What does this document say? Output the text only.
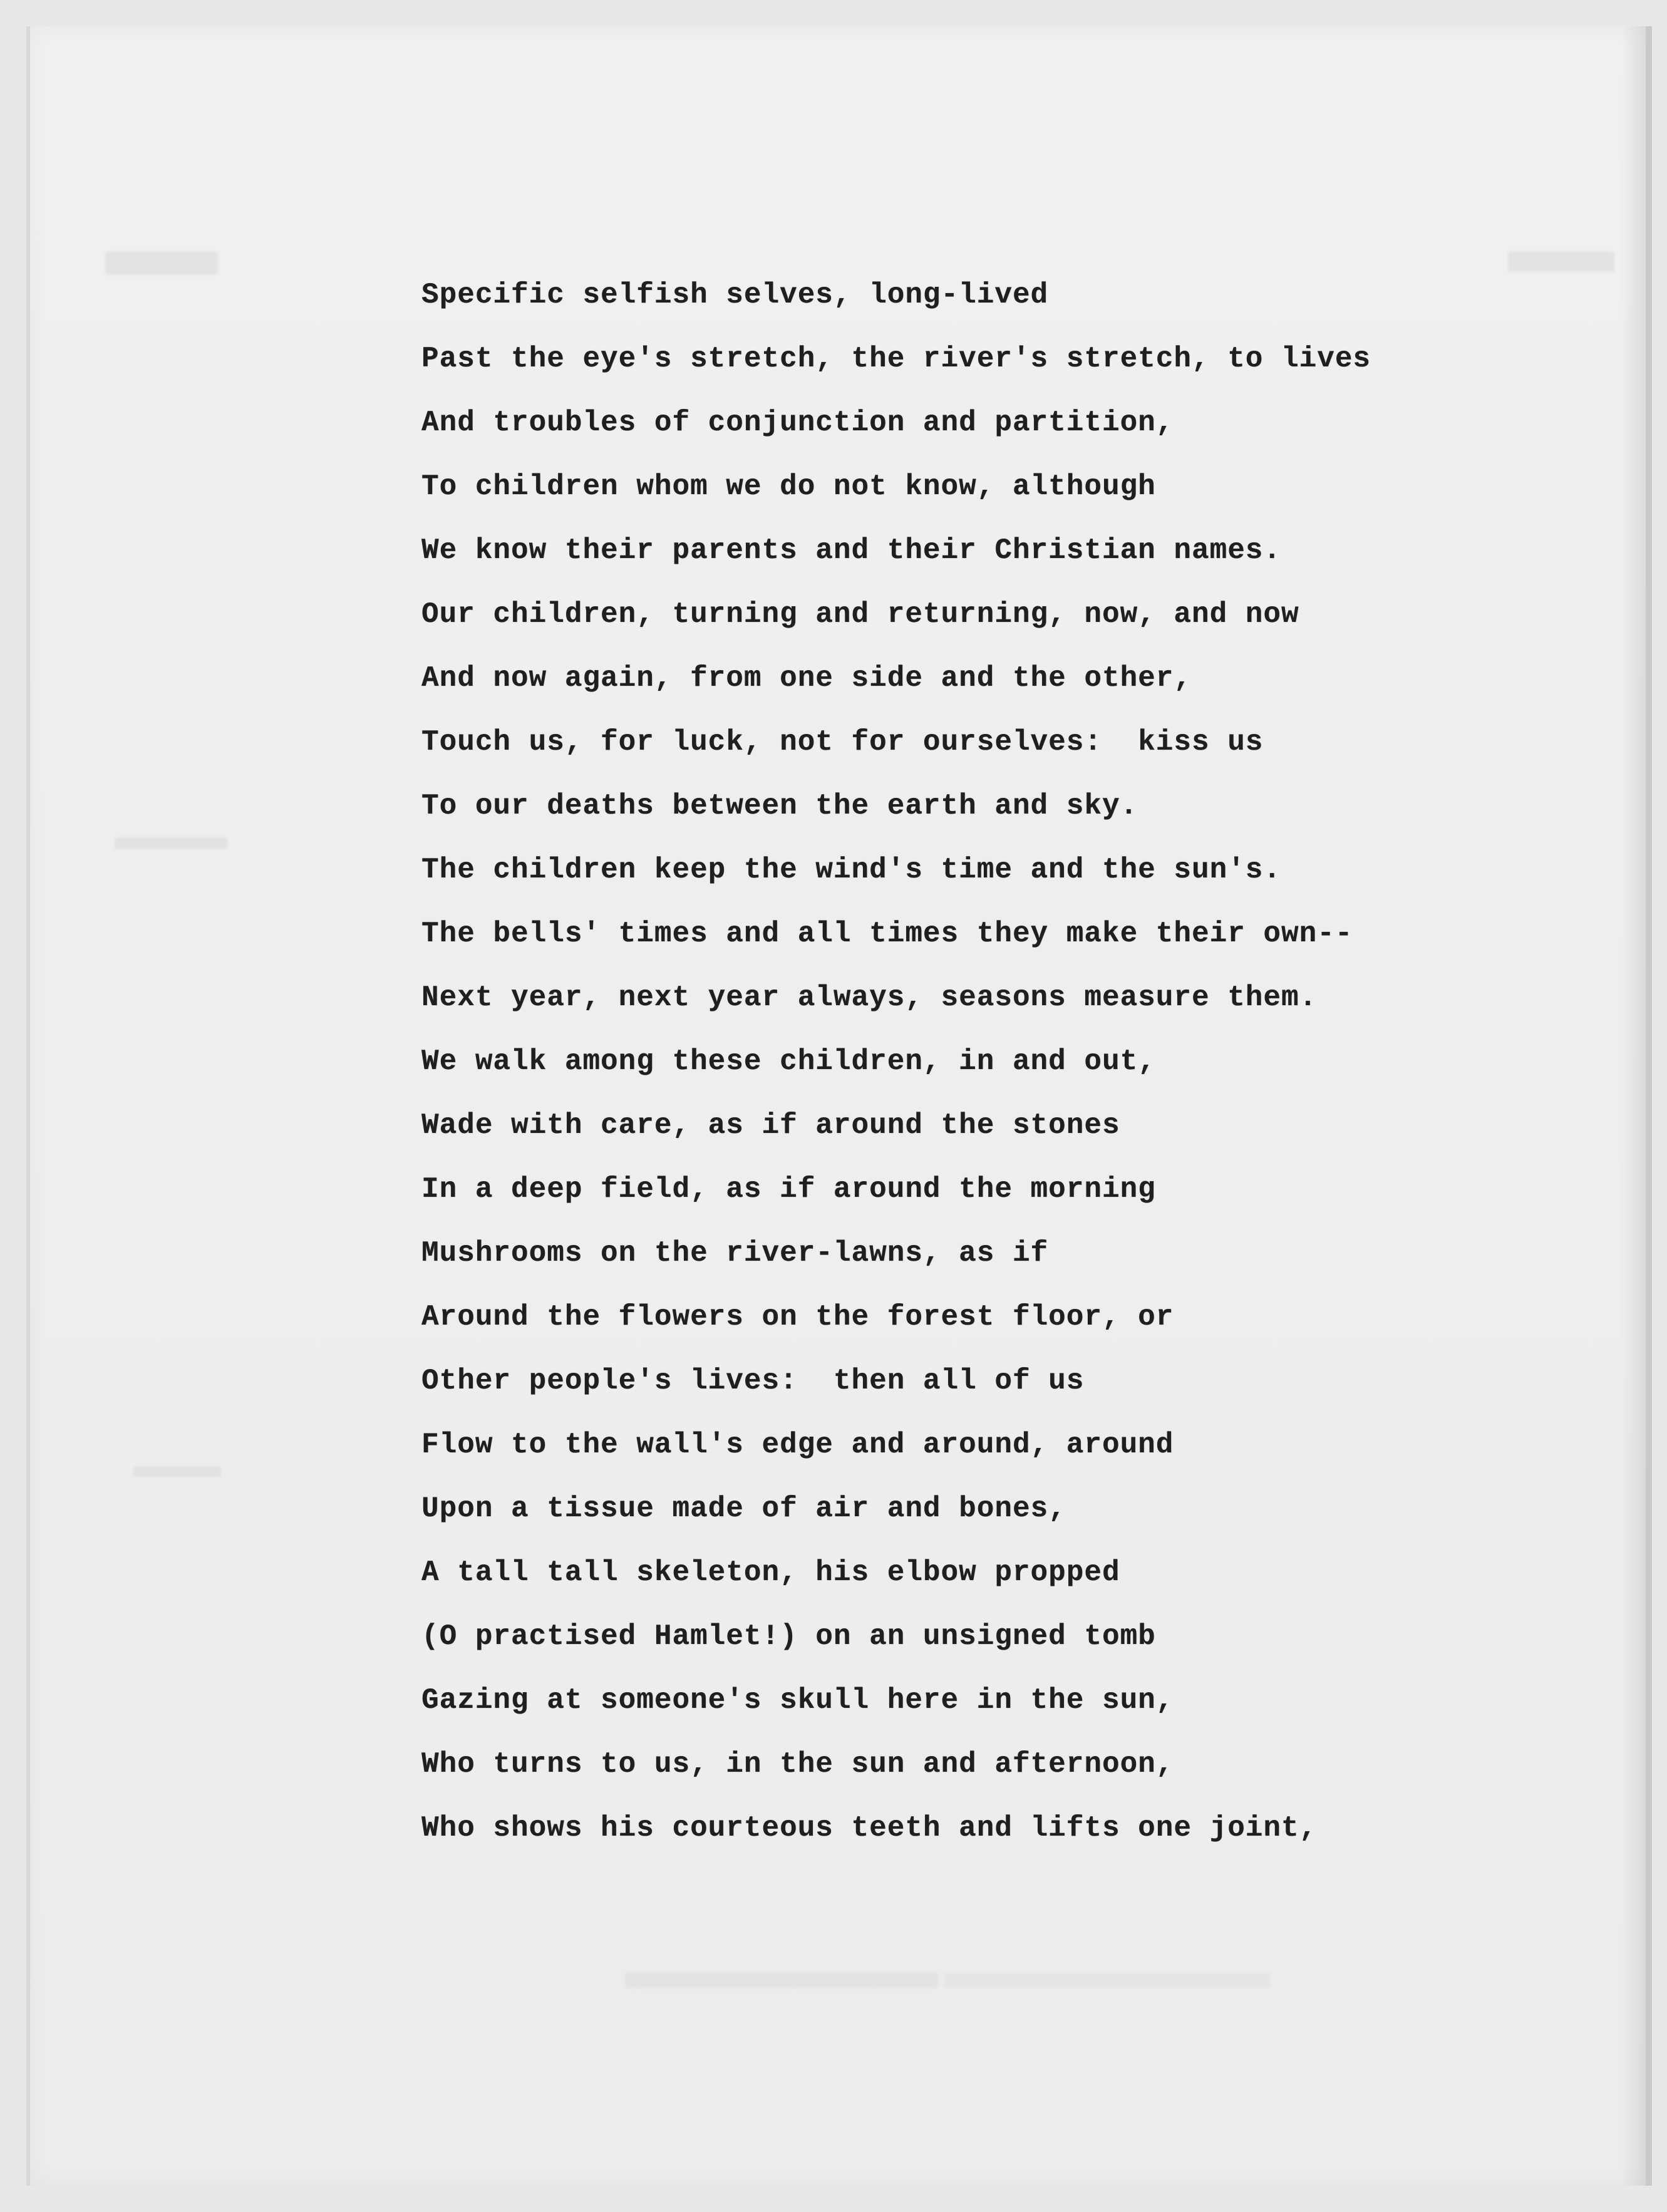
Specific selfish selves, long-lived
Past the eye's stretch, the river's stretch, to lives
And troubles of conjunction and partition,
To children whom we do not know, although
We know their parents and their Christian names.
Our children, turning and returning, now, and now
And now again, from one side and the other,
Touch us, for luck, not for ourselves:  kiss us
To our deaths between the earth and sky.
The children keep the wind's time and the sun's.
The bells' times and all times they make their own--
Next year, next year always, seasons measure them.
We walk among these children, in and out,
Wade with care, as if around the stones
In a deep field, as if around the morning
Mushrooms on the river-lawns, as if
Around the flowers on the forest floor, or
Other people's lives:  then all of us
Flow to the wall's edge and around, around
Upon a tissue made of air and bones,
A tall tall skeleton, his elbow propped
(O practised Hamlet!) on an unsigned tomb
Gazing at someone's skull here in the sun,
Who turns to us, in the sun and afternoon,
Who shows his courteous teeth and lifts one joint,
